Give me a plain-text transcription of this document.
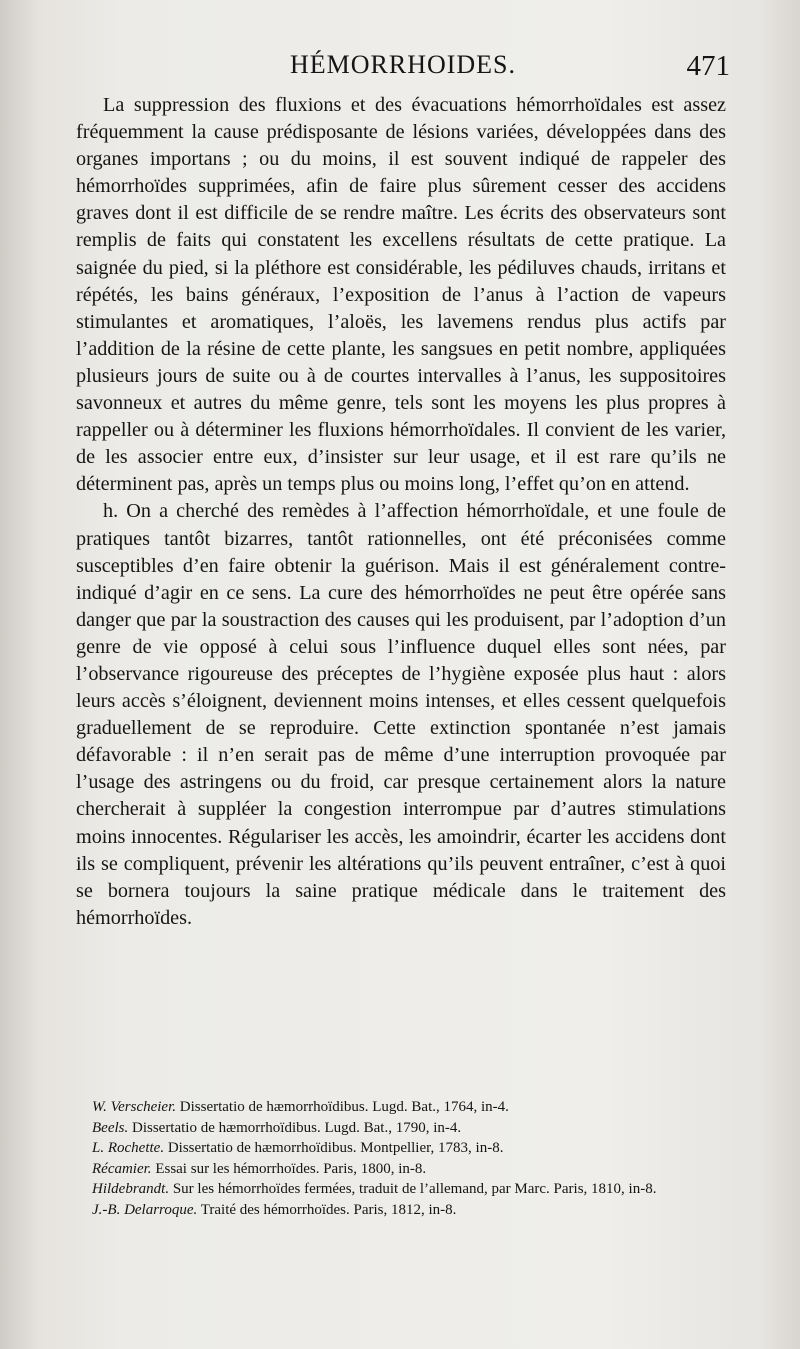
HÉMORRHOIDES.	471

La suppression des fluxions et des évacuations hémorrhoïdales est assez fréquemment la cause prédisposante de lésions variées, développées dans des organes importans ; ou du moins, il est souvent indiqué de rappeler des hémorrhoïdes supprimées, afin de faire plus sûrement cesser des accidens graves dont il est difficile de se rendre maître. Les écrits des observateurs sont remplis de faits qui constatent les excellens résultats de cette pratique. La saignée du pied, si la pléthore est considérable, les pédiluves chauds, irritans et répétés, les bains généraux, l’exposition de l’anus à l’action de vapeurs stimulantes et aromatiques, l’aloës, les lavemens rendus plus actifs par l’addition de la résine de cette plante, les sangsues en petit nombre, appliquées plusieurs jours de suite ou à de courtes intervalles à l’anus, les suppositoires savonneux et autres du même genre, tels sont les moyens les plus propres à rappeller ou à déterminer les fluxions hémorrhoïdales. Il convient de les varier, de les associer entre eux, d’insister sur leur usage, et il est rare qu’ils ne déterminent pas, après un temps plus ou moins long, l’effet qu’on en attend.

h. On a cherché des remèdes à l’affection hémorrhoïdale, et une foule de pratiques tantôt bizarres, tantôt rationnelles, ont été préconisées comme susceptibles d’en faire obtenir la guérison. Mais il est généralement contre-indiqué d’agir en ce sens. La cure des hémorrhoïdes ne peut être opérée sans danger que par la soustraction des causes qui les produisent, par l’adoption d’un genre de vie opposé à celui sous l’influence duquel elles sont nées, par l’observance rigoureuse des préceptes de l’hygiène exposée plus haut : alors leurs accès s’éloignent, deviennent moins intenses, et elles cessent quelquefois graduellement de se reproduire. Cette extinction spontanée n’est jamais défavorable : il n’en serait pas de même d’une interruption provoquée par l’usage des astringens ou du froid, car presque certainement alors la nature chercherait à suppléer la congestion interrompue par d’autres stimulations moins innocentes. Régulariser les accès, les amoindrir, écarter les accidens dont ils se compliquent, prévenir les altérations qu’ils peuvent entraîner, c’est à quoi se bornera toujours la saine pratique médicale dans le traitement des hémorrhoïdes.

W. Verscheier. Dissertatio de hæmorrhoïdibus. Lugd. Bat., 1764, in-4.

Beels. Dissertatio de hæmorrhoïdibus. Lugd. Bat., 1790, in-4.

L. Rochette. Dissertatio de hæmorrhoïdibus. Montpellier, 1783, in-8.

Récamier. Essai sur les hémorrhoïdes. Paris, 1800, in-8.

Hildebrandt. Sur les hémorrhoïdes fermées, traduit de l’allemand, par Marc. Paris, 1810, in-8.

J.-B. Delarroque. Traité des hémorrhoïdes. Paris, 1812, in-8.
